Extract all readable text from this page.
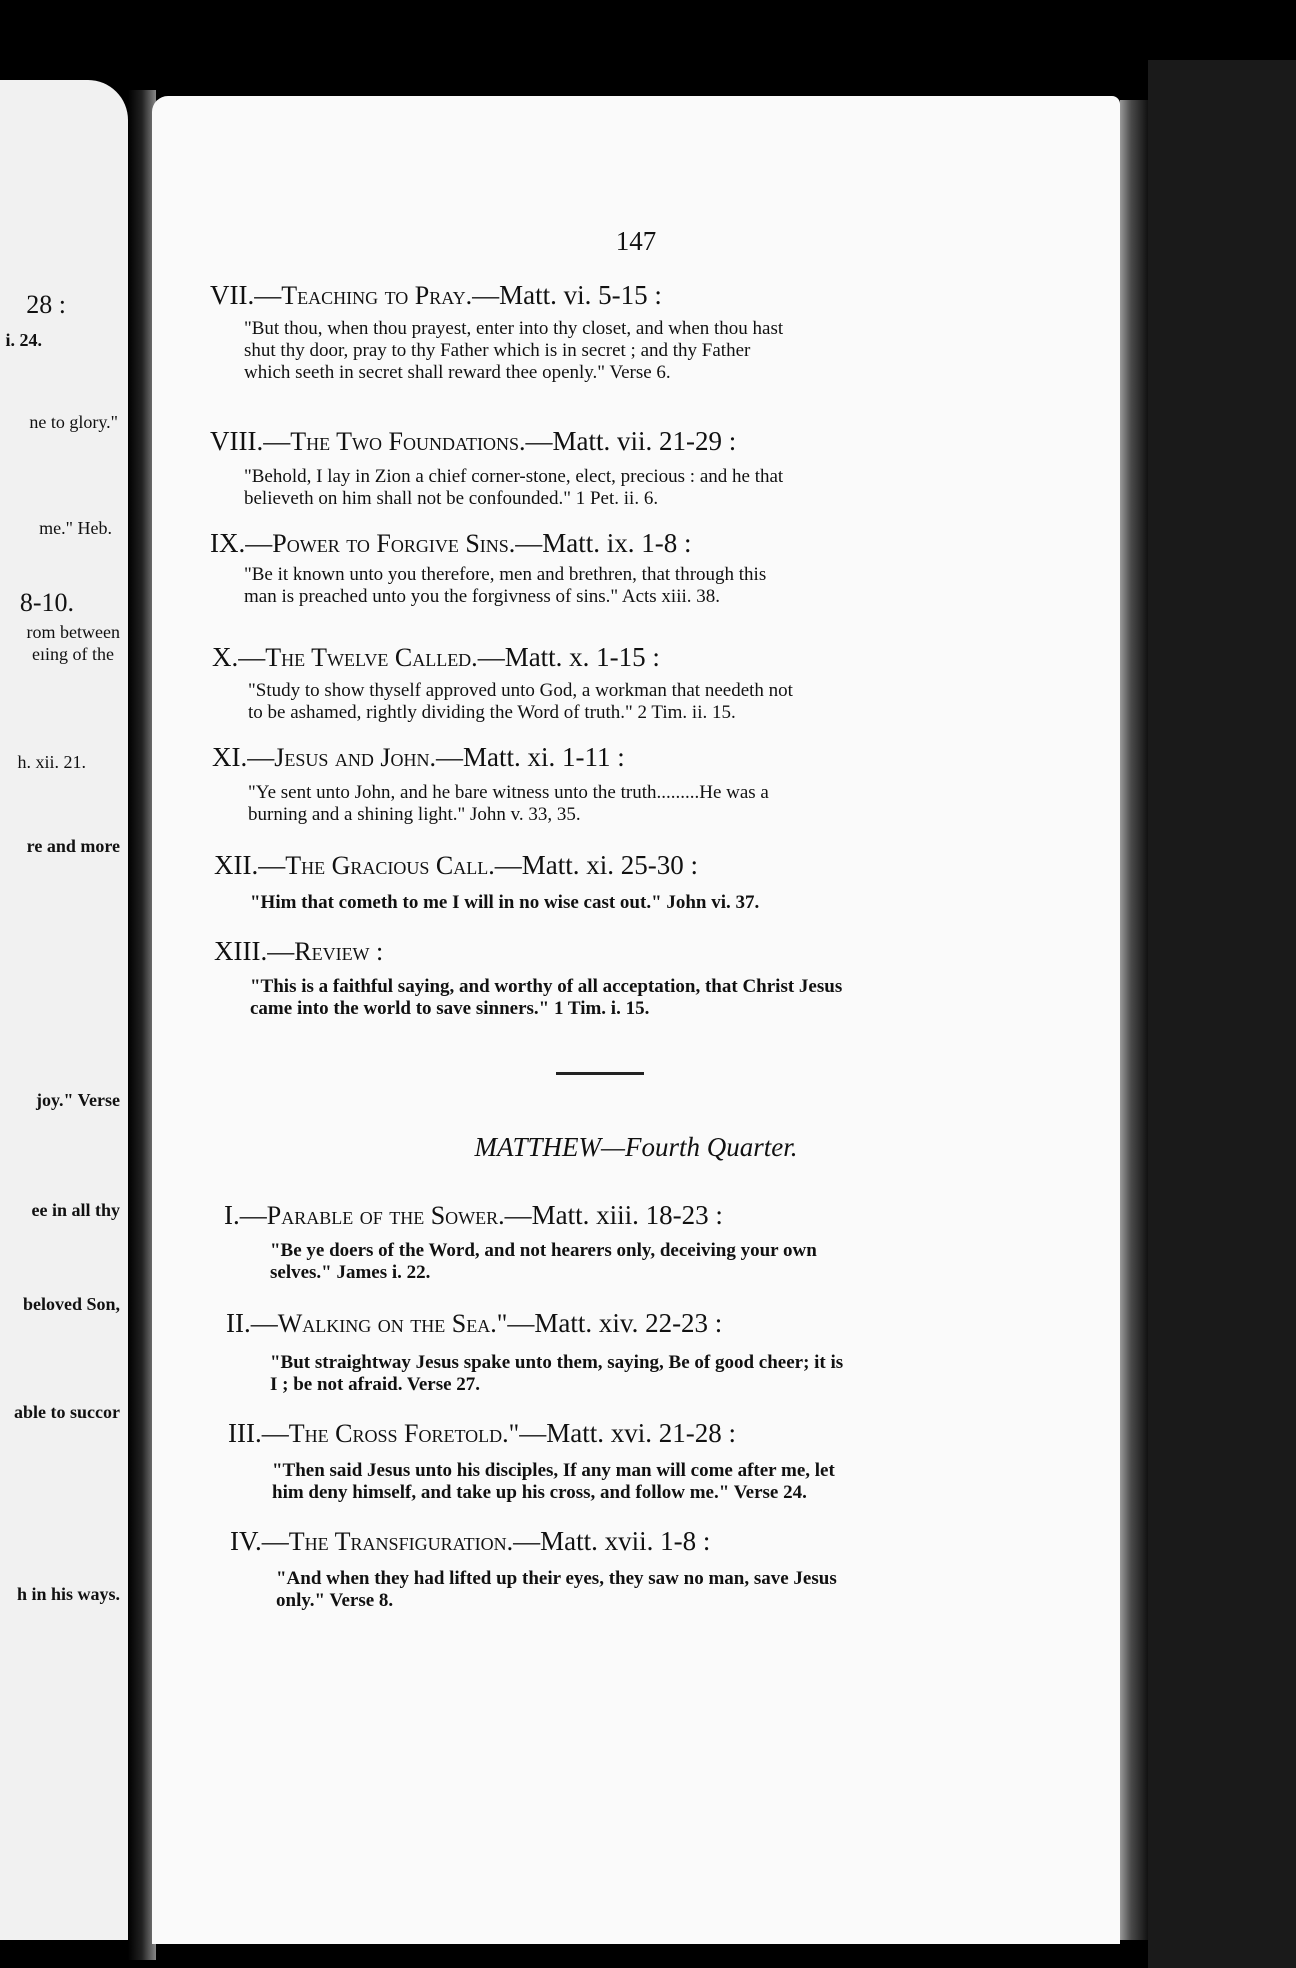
28 :
i. 24.
ne to glory."
me." Heb.
8-10.
rom between
eıing of the
h. xii. 21.
re and more
joy." Verse
ee in all thy
beloved Son,
able to succor
h in his ways.
147
VII.—Teaching to Pray.—Matt. vi. 5-15 :
"But thou, when thou prayest, enter into thy closet, and when thou hast
shut thy door, pray to thy Father which is in secret ; and thy Father
which seeth in secret shall reward thee openly." Verse 6.
VIII.—The Two Foundations.—Matt. vii. 21-29 :
"Behold, I lay in Zion a chief corner-stone, elect, precious : and he that
believeth on him shall not be confounded." 1 Pet. ii. 6.
IX.—Power to Forgive Sins.—Matt. ix. 1-8 :
"Be it known unto you therefore, men and brethren, that through this
man is preached unto you the forgivness of sins." Acts xiii. 38.
X.—The Twelve Called.—Matt. x. 1-15 :
"Study to show thyself approved unto God, a workman that needeth not
to be ashamed, rightly dividing the Word of truth." 2 Tim. ii. 15.
XI.—Jesus and John.—Matt. xi. 1-11 :
"Ye sent unto John, and he bare witness unto the truth.........He was a
burning and a shining light." John v. 33, 35.
XII.—The Gracious Call.—Matt. xi. 25-30 :
"Him that cometh to me I will in no wise cast out." John vi. 37.
XIII.—Review :
"This is a faithful saying, and worthy of all acceptation, that Christ Jesus
came into the world to save sinners." 1 Tim. i. 15.
MATTHEW—Fourth Quarter.
I.—Parable of the Sower.—Matt. xiii. 18-23 :
"Be ye doers of the Word, and not hearers only, deceiving your own
selves." James i. 22.
II.—Walking on the Sea."—Matt. xiv. 22-23 :
"But straightway Jesus spake unto them, saying, Be of good cheer; it is
I ; be not afraid. Verse 27.
III.—The Cross Foretold."—Matt. xvi. 21-28 :
"Then said Jesus unto his disciples, If any man will come after me, let
him deny himself, and take up his cross, and follow me." Verse 24.
IV.—The Transfiguration.—Matt. xvii. 1-8 :
"And when they had lifted up their eyes, they saw no man, save Jesus
only." Verse 8.
